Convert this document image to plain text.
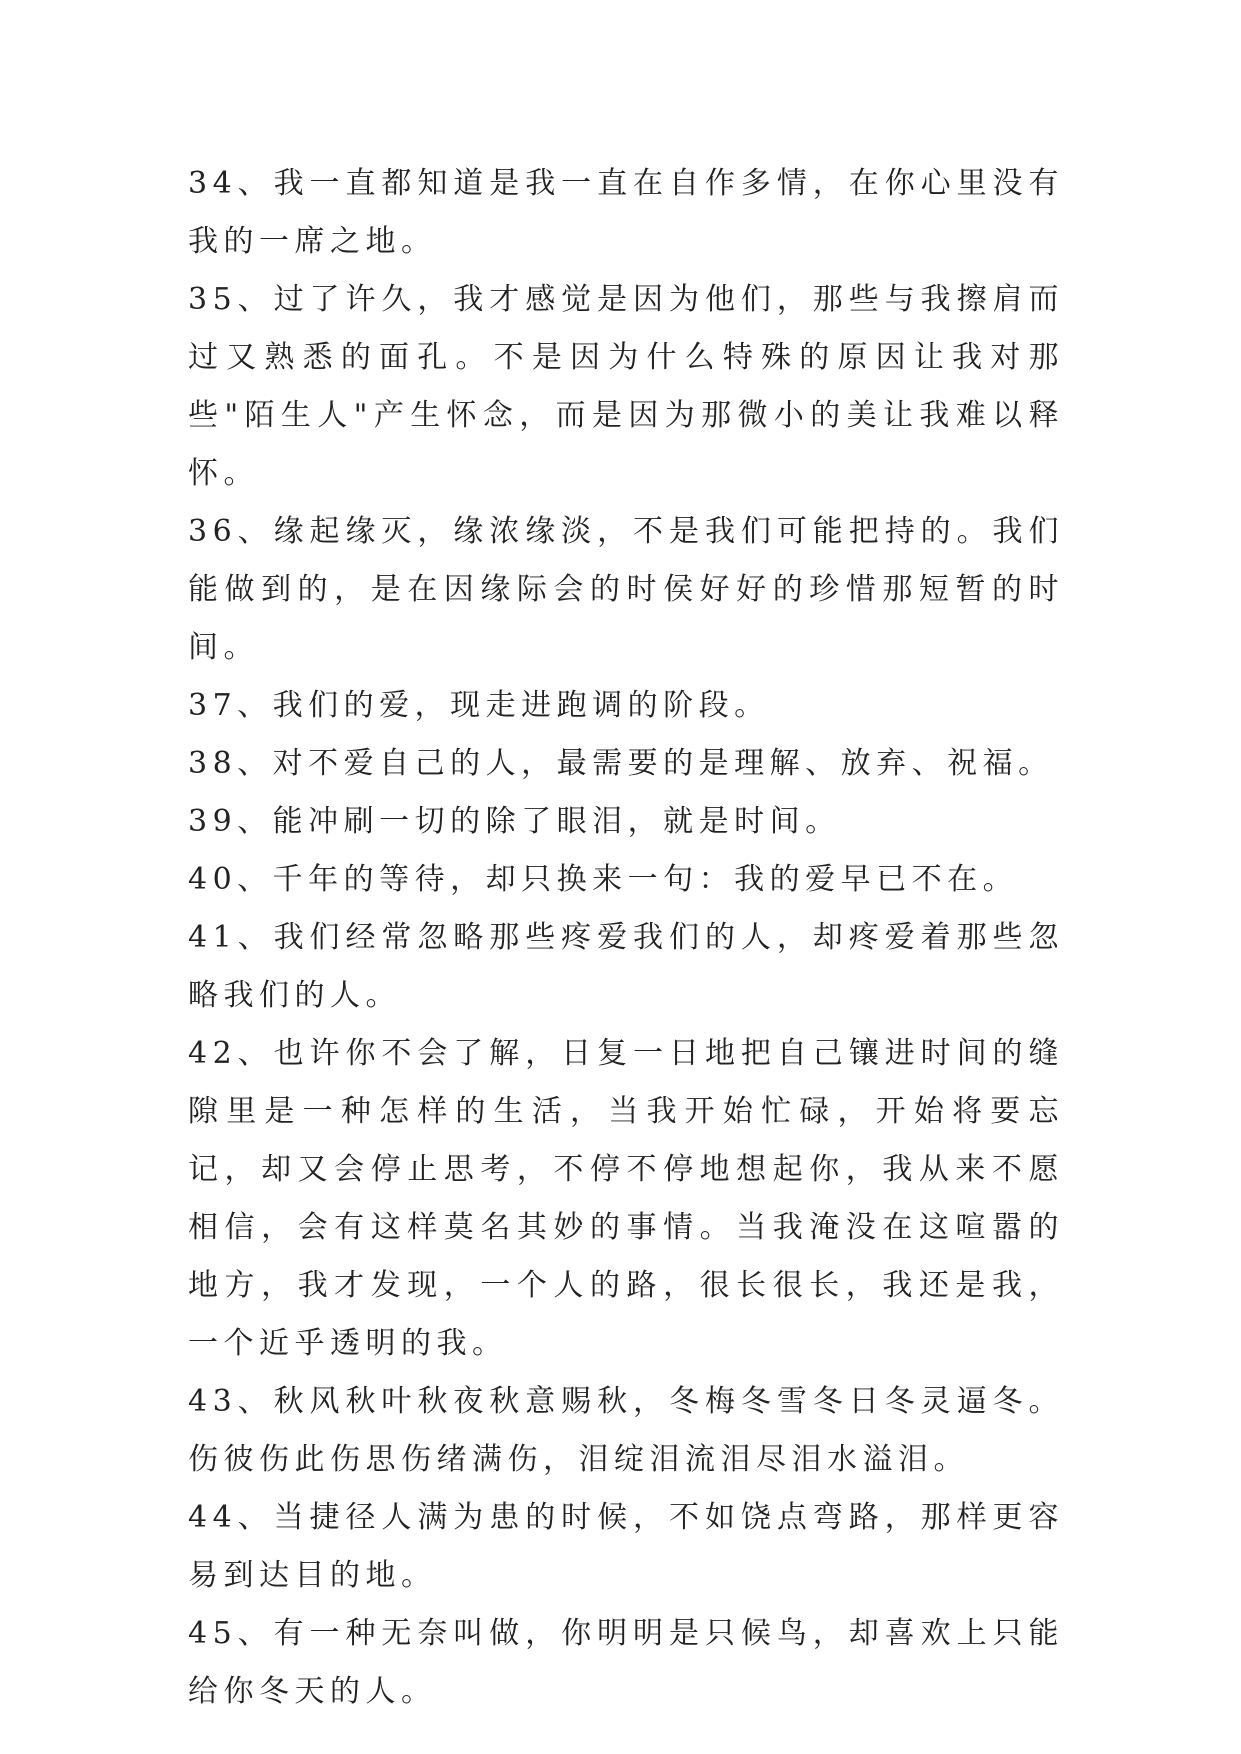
34、我一直都知道是我一直在自作多情，在你心里没有我的一席之地。

35、过了许久，我才感觉是因为他们，那些与我擦肩而过又熟悉的面孔。不是因为什么特殊的原因让我对那些"陌生人"产生怀念，而是因为那微小的美让我难以释怀。

36、缘起缘灭，缘浓缘淡，不是我们可能把持的。我们能做到的，是在因缘际会的时侯好好的珍惜那短暂的时间。

37、我们的爱，现走进跑调的阶段。

38、对不爱自己的人，最需要的是理解、放弃、祝福。

39、能冲刷一切的除了眼泪，就是时间。

40、千年的等待，却只换来一句：我的爱早已不在。

41、我们经常忽略那些疼爱我们的人，却疼爱着那些忽略我们的人。

42、也许你不会了解，日复一日地把自己镶进时间的缝隙里是一种怎样的生活，当我开始忙碌，开始将要忘记，却又会停止思考，不停不停地想起你，我从来不愿相信，会有这样莫名其妙的事情。当我淹没在这喧嚣的地方，我才发现，一个人的路，很长很长，我还是我，一个近乎透明的我。

43、秋风秋叶秋夜秋意赐秋，冬梅冬雪冬日冬灵逼冬。伤彼伤此伤思伤绪满伤，泪绽泪流泪尽泪水溢泪。

44、当捷径人满为患的时候，不如饶点弯路，那样更容易到达目的地。

45、有一种无奈叫做，你明明是只候鸟，却喜欢上只能给你冬天的人。
